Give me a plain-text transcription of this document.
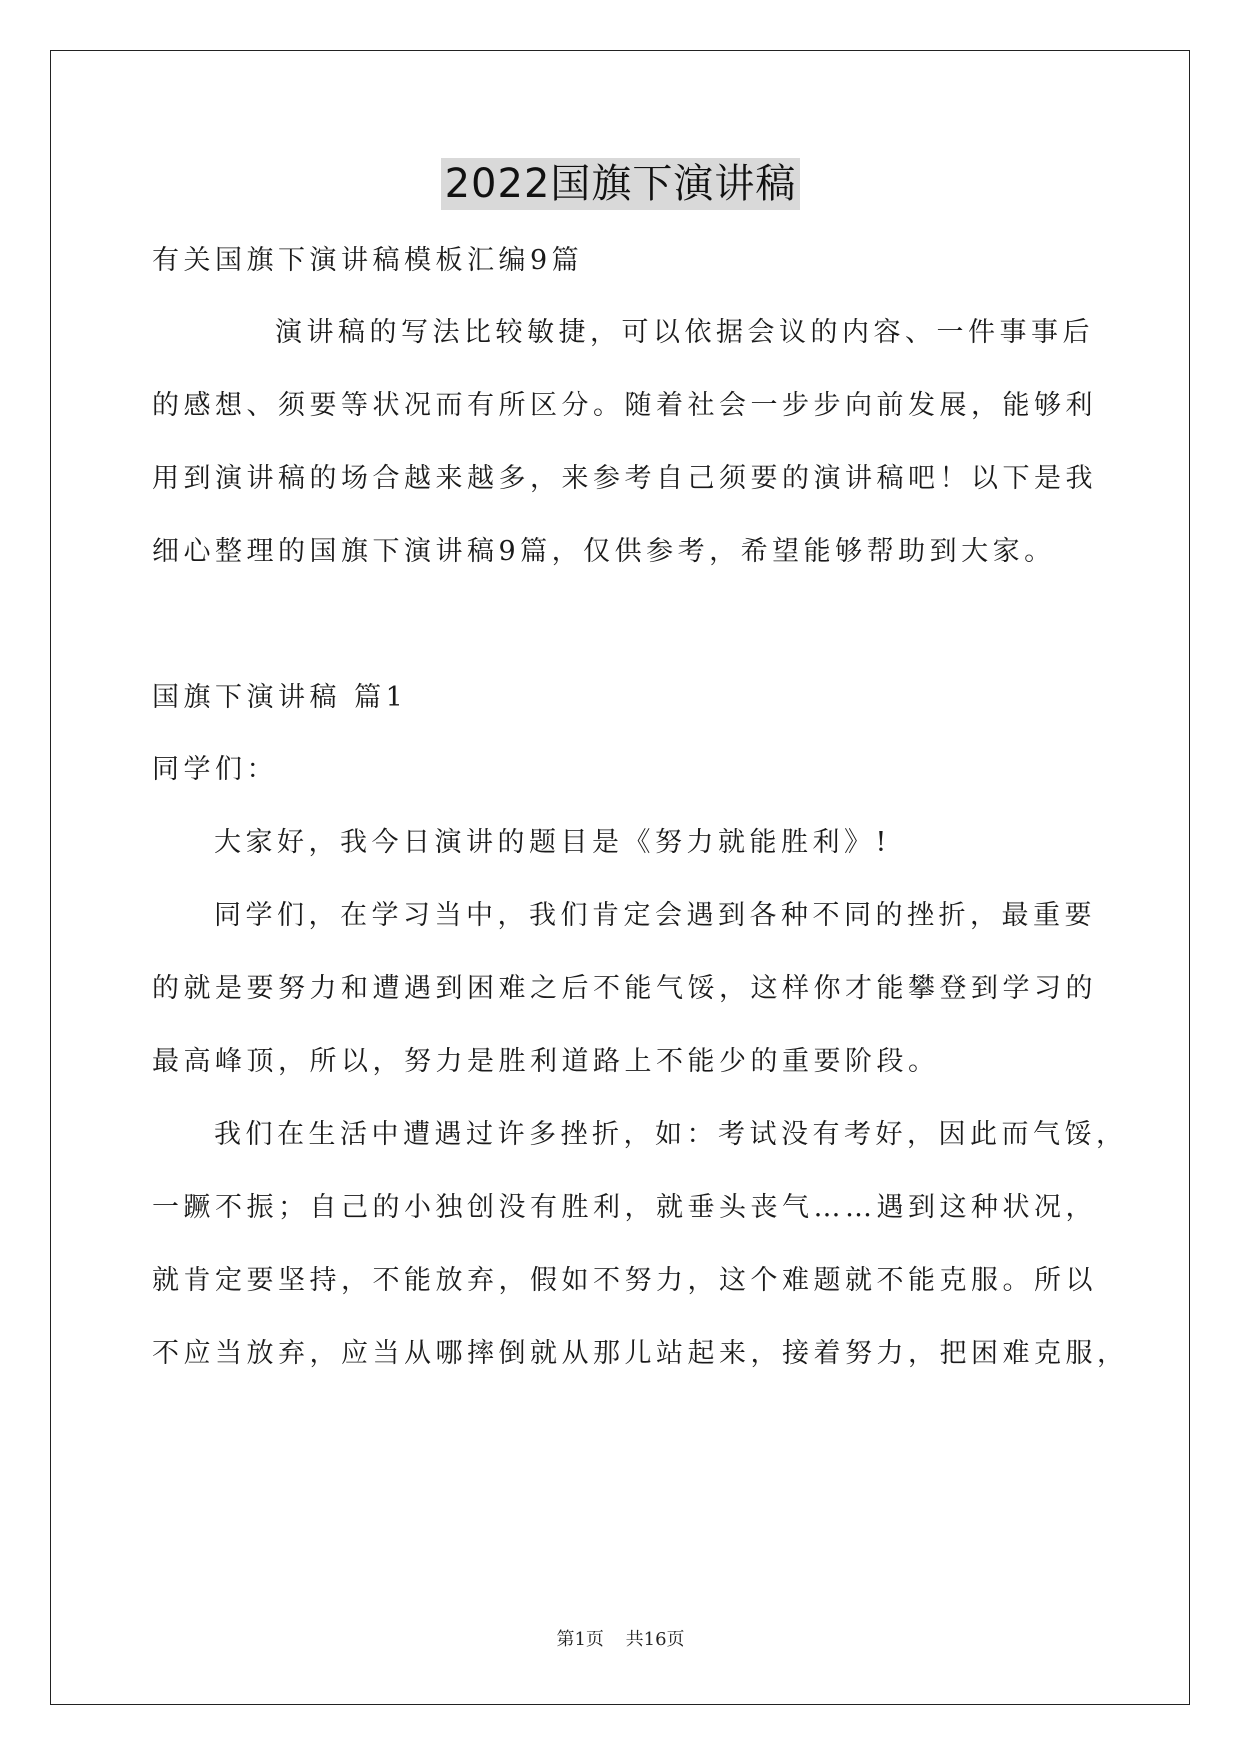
2022国旗下演讲稿
有关国旗下演讲稿模板汇编9篇
演讲稿的写法比较敏捷，可以依据会议的内容、一件事事后
的感想、须要等状况而有所区分。随着社会一步步向前发展，能够利
用到演讲稿的场合越来越多，来参考自己须要的演讲稿吧！以下是我
细心整理的国旗下演讲稿9篇，仅供参考，希望能够帮助到大家。
国旗下演讲稿 篇1
同学们：
大家好，我今日演讲的题目是《努力就能胜利》!
同学们，在学习当中，我们肯定会遇到各种不同的挫折，最重要
的就是要努力和遭遇到困难之后不能气馁，这样你才能攀登到学习的
最高峰顶，所以，努力是胜利道路上不能少的重要阶段。
我们在生活中遭遇过许多挫折，如：考试没有考好，因此而气馁，
一蹶不振；自己的小独创没有胜利，就垂头丧气……遇到这种状况，
就肯定要坚持，不能放弃，假如不努力，这个难题就不能克服。所以
不应当放弃，应当从哪摔倒就从那儿站起来，接着努力，把困难克服，
第1页 共16页
